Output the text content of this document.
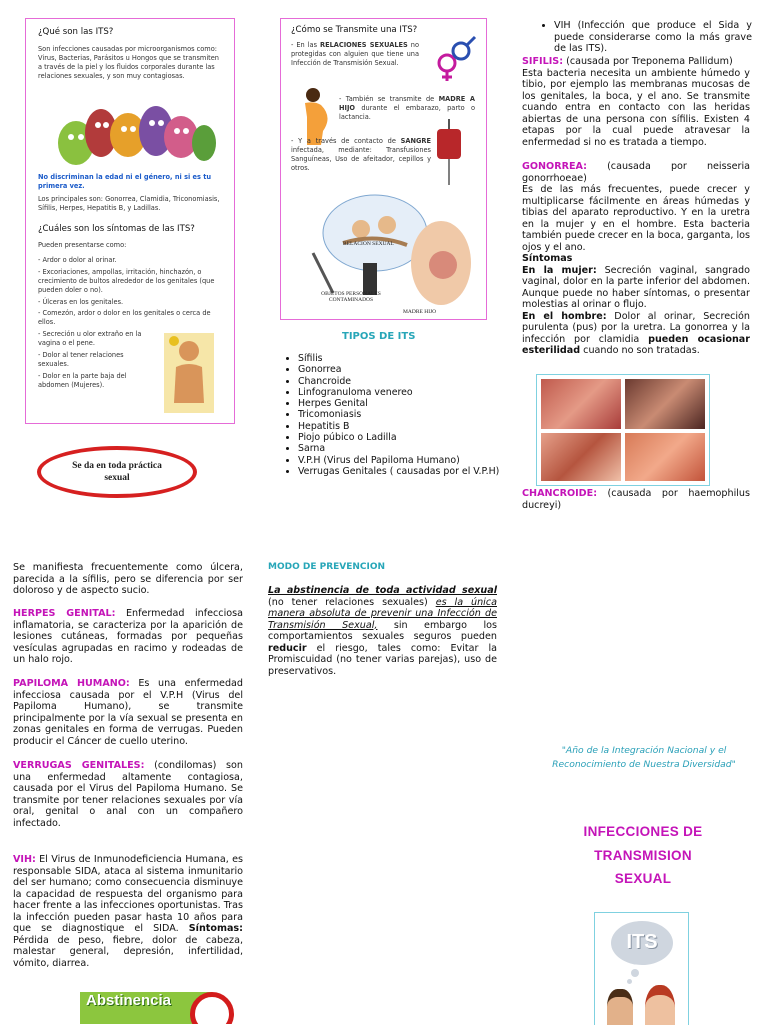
¿Qué son las ITS?
Son infecciones causadas por microorganismos como: Virus, Bacterias, Parásitos u Hongos que se transmiten a través de la piel y los fluidos corporales durante las relaciones sexuales, y son muy contagiosas.
No discriminan la edad ni el género, ni si es tu primera vez.
Los principales son: Gonorrea, Clamidia, Triconomiasis, Sífilis, Herpes, Hepatitis B, y Ladillas.
¿Cuáles son los síntomas de las ITS?
Pueden presentarse como:
- Ardor o dolor al orinar.
- Excoriaciones, ampollas, irritación, hinchazón, o crecimiento de bultos alrededor de los genitales (que pueden doler o no).
- Úlceras en los genitales.
- Comezón, ardor o dolor en los genitales o cerca de ellos.
- Secreción u olor extraño en la vagina o el pene.
- Dolor al tener relaciones sexuales.
- Dolor en la parte baja del abdomen (Mujeres).
Se da en toda práctica sexual
¿Cómo se Transmite una ITS?
- En las RELACIONES SEXUALES no protegidas con alguien que tiene una Infección de Transmisión Sexual.
- También se transmite de MADRE A HIJO durante el embarazo, parto o lactancia.
- Y a través de contacto de SANGRE infectada, mediante: Transfusiones Sanguíneas, Uso de afeitador, cepillos y otros.
RELACION SEXUAL
OBJETOS PERSONALES CONTAMINADOS
MADRE HIJO
TIPOS DE ITS
• Sífilis
• Gonorrea
• Chancroide
• Linfogranuloma venereo
• Herpes Genital
• Tricomoniasis
• Hepatitis B
• Piojo púbico o Ladilla
• Sarna
• V.P.H (Virus del Papiloma Humano)
• Verrugas Genitales ( causadas por el V.P.H)
• VIH (Infección que produce el Sida y puede considerarse como la más grave de las ITS).
SIFILIS: (causada por Treponema Pallidum)
Esta bacteria necesita un ambiente húmedo y tibio, por ejemplo las membranas mucosas de los genitales, la boca, y el ano. Se transmite cuando entra en contacto con las heridas abiertas de una persona con sífilis. Existen 4 etapas por la cual puede atravesar la enfermedad si no es tratada a tiempo.
GONORREA: (causada por neisseria gonorrhoeae)
Es de las más frecuentes, puede crecer y multiplicarse fácilmente en áreas húmedas y tibias del aparato reproductivo. Y en la uretra en la mujer y en el hombre. Esta bacteria también puede crecer en la boca, garganta, los ojos y el ano.
Síntomas
En la mujer: Secreción vaginal, sangrado vaginal, dolor en la parte inferior del abdomen. Aunque puede no haber síntomas, o presentar molestias al orinar o flujo.
En el hombre: Dolor al orinar, Secreción purulenta (pus) por la uretra. La gonorrea y la infección por clamidia pueden ocasionar esterilidad cuando no son tratadas.
CHANCROIDE: (causada por haemophilus ducreyi)
Se manifiesta frecuentemente como úlcera, parecida a la sífilis, pero se diferencia por ser doloroso y de aspecto sucio.
HERPES GENITAL: Enfermedad infecciosa inflamatoria, se caracteriza por la aparición de lesiones cutáneas, formadas por pequeñas vesículas agrupadas en racimo y rodeadas de un halo rojo.
PAPILOMA HUMANO: Es una enfermedad infecciosa causada por el V.P.H (Virus del Papiloma Humano), se transmite principalmente por la vía sexual se presenta en zonas genitales en forma de verrugas. Pueden producir el Cáncer de cuello uterino.
VERRUGAS GENITALES: (condilomas) son una enfermedad altamente contagiosa, causada por el Virus del Papiloma Humano. Se transmite por tener relaciones sexuales por vía oral, genital o anal con un compañero infectado.
VIH: El Virus de Inmunodeficiencia Humana, es responsable SIDA, ataca al sistema inmunitario del ser humano; como consecuencia disminuye la capacidad de respuesta del organismo para hacer frente a las infecciones oportunistas. Tras la infección pueden pasar hasta 10 años para que se diagnostique el SIDA. Síntomas: Pérdida de peso, fiebre, dolor de cabeza, malestar general, depresión, infertilidad, vómito, diarrea.
Abstinencia
MODO DE PREVENCION
La abstinencia de toda actividad sexual (no tener relaciones sexuales) es la única manera absoluta de prevenir una Infección de Transmisión Sexual, sin embargo los comportamientos sexuales seguros pueden reducir el riesgo, tales como: Evitar la Promiscuidad (no tener varias parejas), uso de preservativos.
"Año de la Integración Nacional y el Reconocimiento de Nuestra Diversidad"
INFECCIONES DE
TRANSMISION
SEXUAL
ITS
